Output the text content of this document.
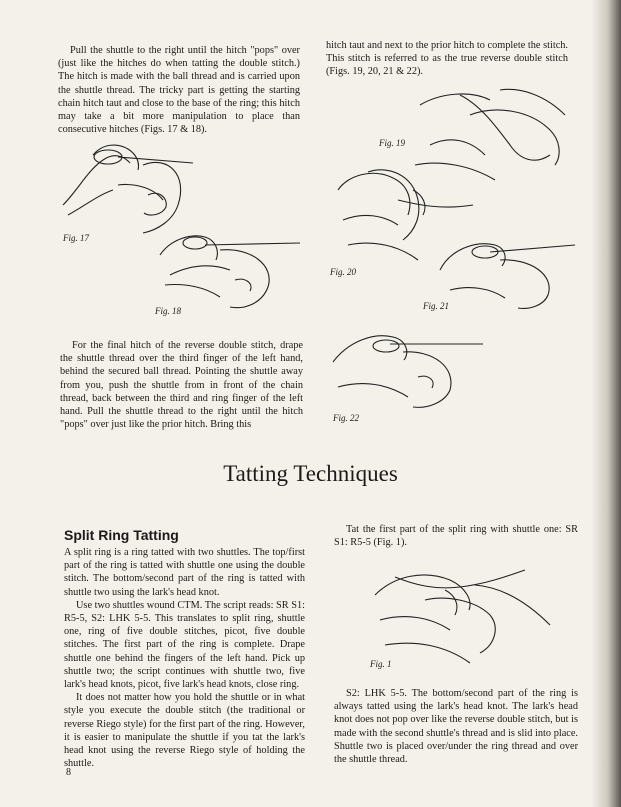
Pull the shuttle to the right until the hitch "pops" over (just like the hitches do when tatting the double stitch.) The hitch is made with the ball thread and is carried upon the shuttle thread. The tricky part is getting the starting chain hitch taut and close to the base of the ring; this hitch may take a bit more manipulation to place than consecutive hitches (Figs. 17 & 18).

hitch taut and next to the prior hitch to complete the stitch. This stitch is referred to as the true reverse double stitch (Figs. 19, 20, 21 & 22).

Fig. 17
Fig. 18
Fig. 19
Fig. 20
Fig. 21
Fig. 22

For the final hitch of the reverse double stitch, drape the shuttle thread over the third finger of the left hand, behind the secured ball thread. Pointing the shuttle away from you, push the shuttle from in front of the chain thread, back between the third and ring finger of the left hand. Pull the shuttle thread to the right until the hitch "pops" over just like the prior hitch. Bring this

Tatting Techniques
Split Ring Tatting

A split ring is a ring tatted with two shuttles. The top/first part of the ring is tatted with shuttle one using the double stitch. The bottom/second part of the ring is tatted with shuttle two using the lark's head knot.

Use two shuttles wound CTM. The script reads: SR S1: R5-5, S2: LHK 5-5. This translates to split ring, shuttle one, ring of five double stitches, picot, five double stitches. The first part of the ring is complete. Drape shuttle one behind the fingers of the left hand. Pick up shuttle two; the script continues with shuttle two, five lark's head knots, picot, five lark's head knots, close ring.

It does not matter how you hold the shuttle or in what style you execute the double stitch (the traditional or reverse Riego style) for the first part of the ring. However, it is easier to manipulate the shuttle if you tat the lark's head knot using the reverse Riego style of holding the shuttle.

Tat the first part of the split ring with shuttle one: SR S1: R5-5 (Fig. 1).

Fig. 1

S2: LHK 5-5. The bottom/second part of the ring is always tatted using the lark's head knot. The lark's head knot does not pop over like the reverse double stitch, but is made with the second shuttle's thread and is slid into place. Shuttle two is placed over/under the ring thread and over the shuttle thread.

8
